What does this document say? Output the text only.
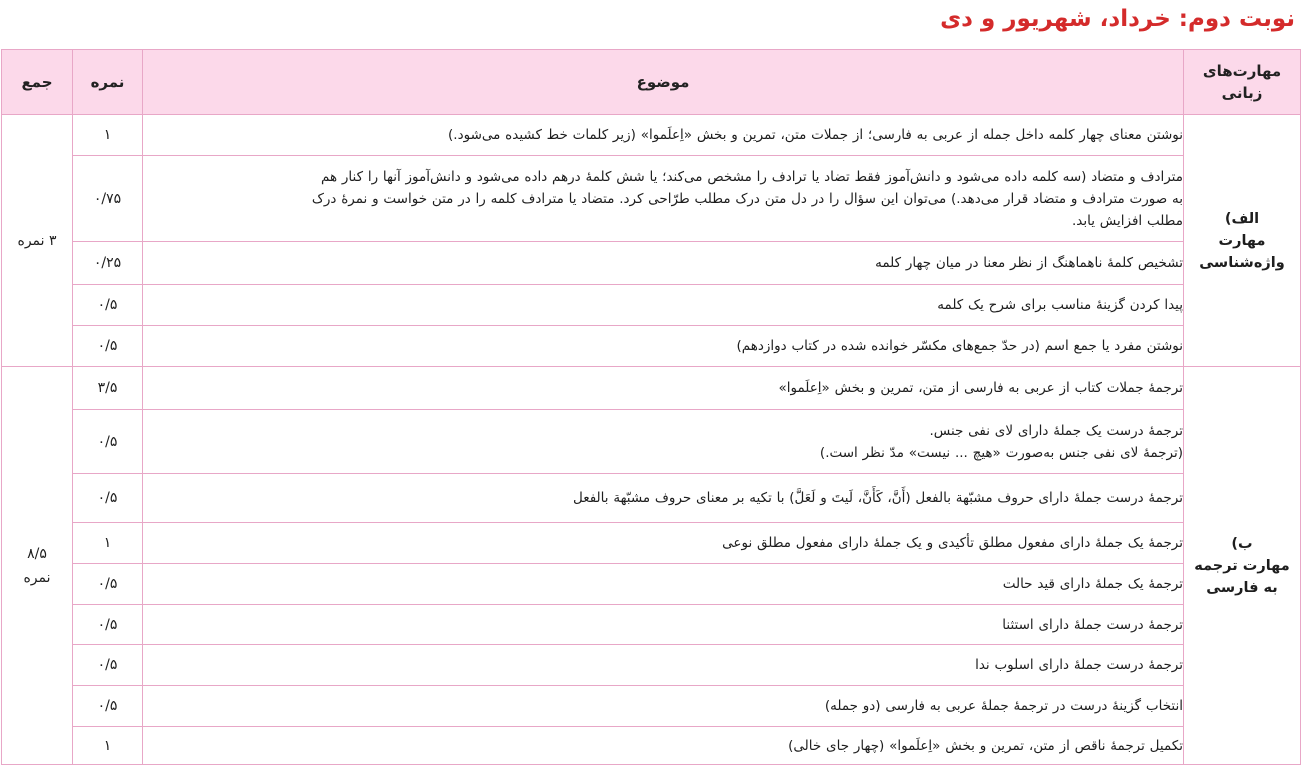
نوبت دوم: خرداد، شهریور و دی
مهارت‌های
زبانی	موضوع	نمره	جمع

الف)
مهارت
واژه‌شناسی	نوشتن معنای چهار کلمه داخل جمله از عربی به فارسی؛ از جملات متن، تمرین و بخش «اِعلَموا» (زیر کلمات خط کشیده می‌شود.)	۱	۳ نمره

	مترادف و متضاد (سه کلمه داده می‌شود و دانش‌آموز فقط تضاد یا ترادف را مشخص می‌کند؛ یا شش کلمهٔ درهم داده می‌شود و دانش‌آموز آنها را کنار هم
به صورت مترادف و متضاد قرار می‌دهد.) می‌توان این سؤال را در دل متن درک مطلب طرّاحی کرد. متضاد یا مترادف کلمه را در متن خواست و نمرهٔ درک
مطلب افزایش یابد.	۰/۷۵	

	تشخیص کلمهٔ ناهماهنگ از نظر معنا در میان چهار کلمه	۰/۲۵	

	پیدا کردن گزینهٔ مناسب برای شرح یک کلمه	۰/۵	

	نوشتن مفرد یا جمع اسم (در حدّ جمع‌های مکسّر خوانده شده در کتاب دوازدهم)	۰/۵	

ب)
مهارت ترجمه
به فارسی	ترجمهٔ جملات کتاب از عربی به فارسی از متن، تمرین و بخش «اِعلَموا»	۳/۵	۸/۵
نمره

	ترجمهٔ درست یک جملهٔ دارای لای نفی جنس.
(ترجمهٔ لای نفی جنس به‌صورت «هیچ ... نیست» مدّ نظر است.)	۰/۵	

	ترجمهٔ درست جملهٔ دارای حروف مشبّهة بالفعل (أَنَّ، کَأَنَّ، لَیتَ و لَعَلَّ) با تکیه بر معنای حروف مشبّهة بالفعل	۰/۵	

	ترجمهٔ یک جملهٔ دارای مفعول مطلق تأکیدی و یک جملهٔ دارای مفعول مطلق نوعی	۱	

	ترجمهٔ یک جملهٔ دارای قید حالت	۰/۵	

	ترجمهٔ درست جملهٔ دارای استثنا	۰/۵	

	ترجمهٔ درست جملهٔ دارای اسلوب ندا	۰/۵	

	انتخاب گزینهٔ درست در ترجمهٔ جملهٔ عربی به فارسی (دو جمله)	۰/۵	

	تکمیل ترجمهٔ ناقص از متن، تمرین و بخش «اِعلَموا» (چهار جای خالی)	۱	
